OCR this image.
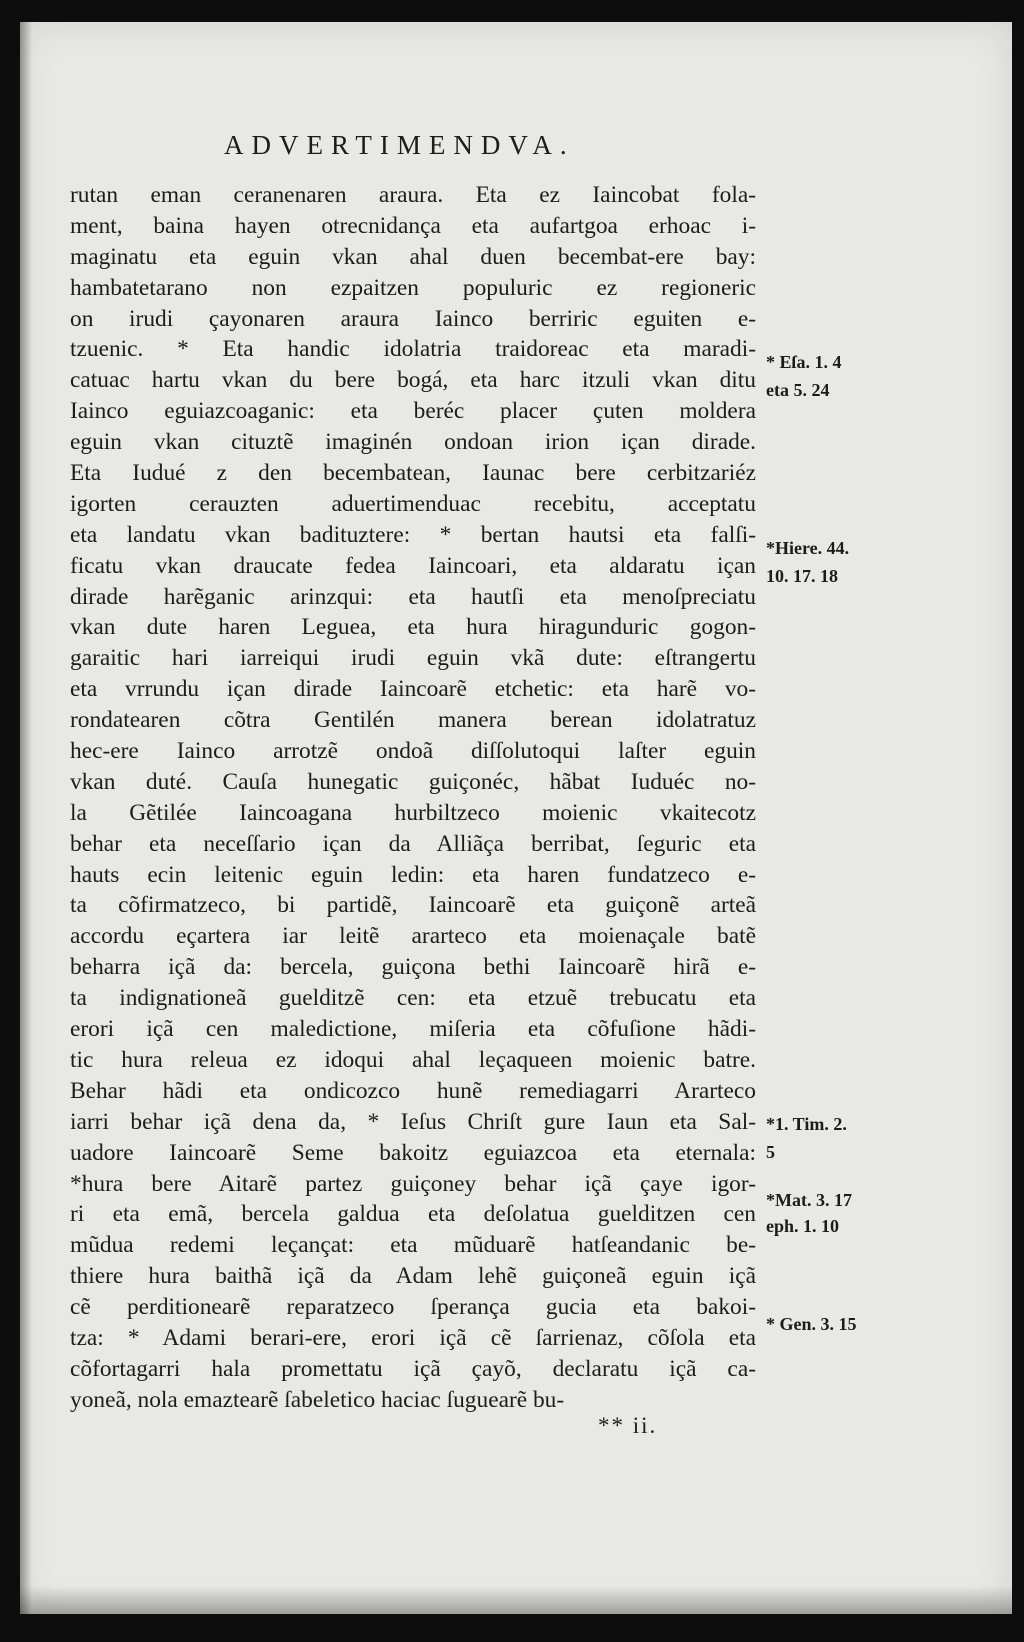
ADVERTIMENDVA.
rutan eman ceranenaren araura. Eta ez Iaincobat fola-
ment, baina hayen otrecnidança eta aufartgoa erhoac i-
maginatu eta eguin vkan ahal duen becembat-ere bay:
hambatetarano non ezpaitzen populuric ez regioneric
on irudi çayonaren araura Iainco berriric eguiten e-
tzuenic. * Eta handic idolatria traidoreac eta maradi-
catuac hartu vkan du bere bogá, eta harc itzuli vkan ditu
Iainco eguiazcoaganic: eta beréc placer çuten moldera
eguin vkan cituztẽ imaginén ondoan irion içan dirade.
Eta Iudué z den becembatean, Iaunac bere cerbitzariéz
igorten cerauzten aduertimenduac recebitu, acceptatu
eta landatu vkan badituztere: * bertan hautsi eta falſi-
ficatu vkan draucate fedea Iaincoari, eta aldaratu içan
dirade harẽganic arinzqui: eta hautſi eta menoſpreciatu
vkan dute haren Leguea, eta hura hiragunduric gogon-
garaitic hari iarreiqui irudi eguin vkã dute: eſtrangertu
eta vrrundu içan dirade Iaincoarẽ etchetic: eta harẽ vo-
rondatearen cõtra Gentilén manera berean idolatratuz
hec-ere Iainco arrotzẽ ondoã diſſolutoqui laſter eguin
vkan duté. Cauſa hunegatic guiçonéc, hãbat Iuduéc no-
la Gẽtilée Iaincoagana hurbiltzeco moienic vkaitecotz
behar eta neceſſario içan da Alliãça berribat, ſeguric eta
hauts ecin leitenic eguin ledin: eta haren fundatzeco e-
ta cõfirmatzeco, bi partidẽ, Iaincoarẽ eta guiçonẽ arteã
accordu eçartera iar leitẽ ararteco eta moienaçale batẽ
beharra içã da: bercela, guiçona bethi Iaincoarẽ hirã e-
ta indignationeã guelditzẽ cen: eta etzuẽ trebucatu eta
erori içã cen maledictione, miſeria eta cõfuſione hãdi-
tic hura releua ez idoqui ahal leçaqueen moienic batre.
Behar hãdi eta ondicozco hunẽ remediagarri Ararteco
iarri behar içã dena da, * Ieſus Chriſt gure Iaun eta Sal-
uadore Iaincoarẽ Seme bakoitz eguiazcoa eta eternala:
*hura bere Aitarẽ partez guiçoney behar içã çaye igor-
ri eta emã, bercela galdua eta deſolatua guelditzen cen
mũdua redemi leçançat: eta mũduarẽ hatſeandanic be-
thiere hura baithã içã da Adam lehẽ guiçoneã eguin içã
cẽ perditionearẽ reparatzeco ſperança gucia eta bakoi-
tza: * Adami berari-ere, erori içã cẽ ſarrienaz, cõſola eta
cõfortagarri hala promettatu içã çayõ, declaratu içã ca-
yoneã, nola emaztearẽ ſabeletico haciac ſuguearẽ bu-
* Eſa. 1. 4
eta 5. 24
*Hiere. 44.
10. 17. 18
*1. Tim. 2.
5
*Mat. 3. 17
eph. 1. 10
* Gen. 3. 15
** ii.
